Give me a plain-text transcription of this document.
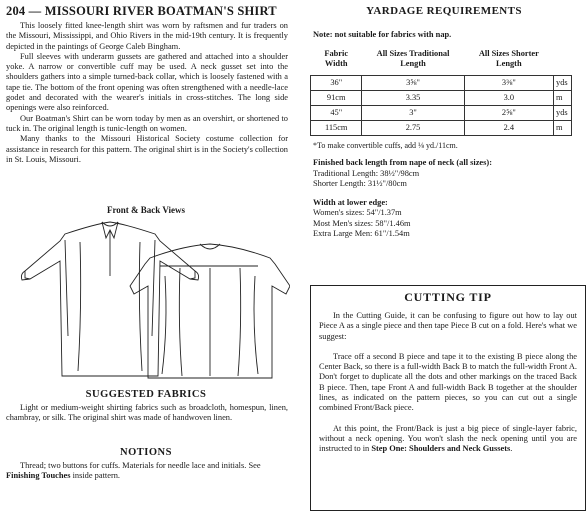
204 — MISSOURI RIVER BOATMAN'S SHIRT

This loosely fitted knee-length shirt was worn by raftsmen and fur traders on the Missouri, Mississippi, and Ohio Rivers in the mid-19th century. It is frequently depicted in the paintings of George Caleb Bingham.

Full sleeves with underarm gussets are gathered and attached into a shoulder yoke. A narrow or convertible cuff may be used. A neck gusset set into the shoulders gathers into a simple turned-back collar, which is loosely fastened with a tape tie. The bottom of the front opening was often strengthened with a needle-lace godet and decorated with the wearer's initials in cross-stitches. The long side openings were also reinforced.

Our Boatman's Shirt can be worn today by men as an overshirt, or shortened to tuck in. The original length is tunic-length on women.

Many thanks to the Missouri Historical Society costume collection for assistance in research for this pattern. The original shirt is in the Society's collection in St. Louis, Missouri.

Front & Back Views
SUGGESTED FABRICS
Light or medium-weight shirting fabrics such as broadcloth, homespun, linen, chambray, or silk. The original shirt was made of handwoven linen.
NOTIONS
Thread; two buttons for cuffs. Materials for needle lace and initials. See Finishing Touches inside pattern.
YARDAGE REQUIREMENTS
Note: not suitable for fabrics with nap.
Fabric Width	All Sizes Traditional Length	All Sizes Shorter Length	
36"	3⅝"	3⅜"	yds
91cm	3.35	3.0	m
45"	3"	2⅝"	yds
115cm	2.75	2.4	m
*To make convertible cuffs, add ⅛ yd./11cm.
Finished back length from nape of neck (all sizes):
Traditional Length: 38½"/98cm
Shorter Length: 31½"/80cm
Width at lower edge:
Women's sizes: 54"/1.37m
Most Men's sizes: 58"/1.46m
Extra Large Men: 61"/1.54m
CUTTING TIP

In the Cutting Guide, it can be confusing to figure out how to lay out Piece A as a single piece and then tape Piece B cut on a fold. Here's what we suggest:

Trace off a second B piece and tape it to the existing B piece along the Center Back, so there is a full-width Back B to match the full-width Front A. Don't forget to duplicate all the dots and other markings on the traced Back B piece. Then, tape Front A and full-width Back B together at the shoulder lines, as indicated on the pattern pieces, so you can cut out a single combined Front/Back piece.

At this point, the Front/Back is just a big piece of single-layer fabric, without a neck opening. You won't slash the neck opening until you are instructed to in Step One: Shoulders and Neck Gussets.
